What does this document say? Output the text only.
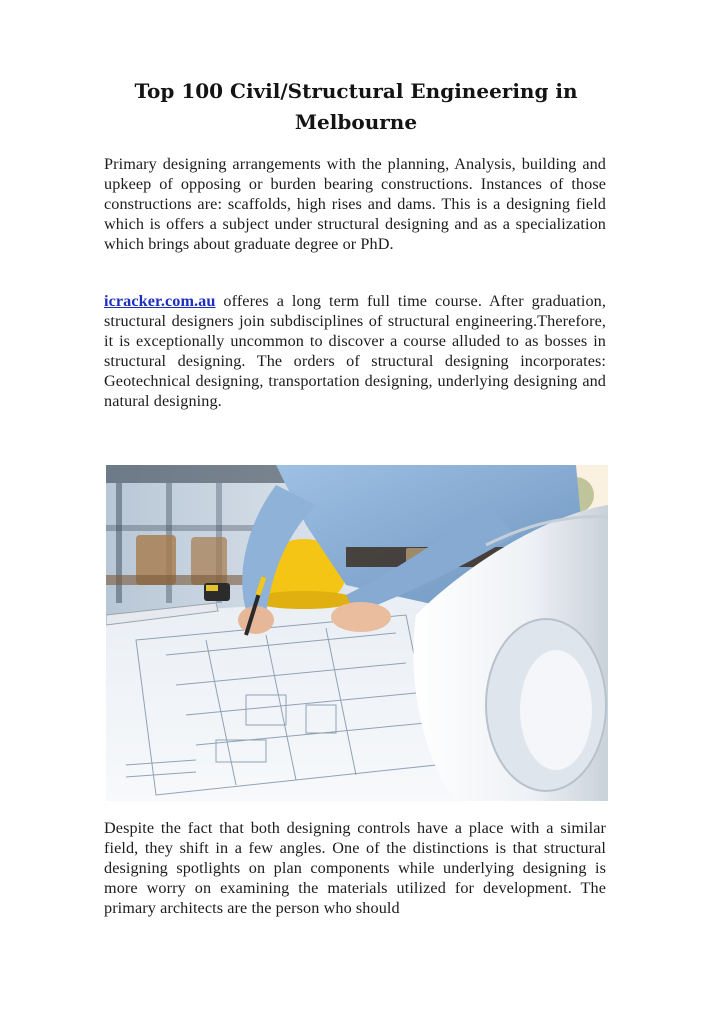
Top 100 Civil/Structural Engineering in Melbourne

Primary designing arrangements with the planning, Analysis, building and upkeep of opposing or burden bearing constructions. Instances of those constructions are: scaffolds, high rises and dams. This is a designing field which is offers a subject under structural designing and as a specialization which brings about graduate degree or PhD.

icracker.com.au offeres a long term full time course. After graduation, structural designers join subdisciplines of structural engineering.Therefore, it is exceptionally uncommon to discover a course alluded to as bosses in structural designing. The orders of structural designing incorporates: Geotechnical designing, transportation designing, underlying designing and natural designing.

Despite the fact that both designing controls have a place with a similar field, they shift in a few angles. One of the distinctions is that structural designing spotlights on plan components while underlying designing is more worry on examining the materials utilized for development. The primary architects are the person who should
